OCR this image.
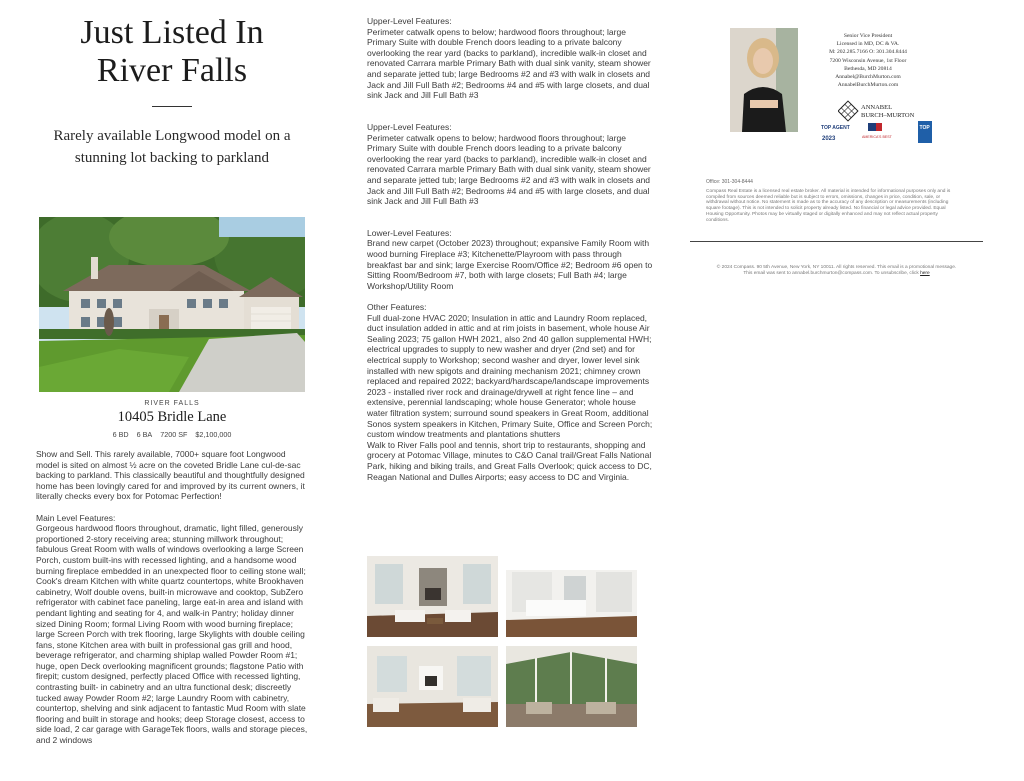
Just Listed In
River Falls

Rarely available Longwood model on a stunning lot backing to parkland

RIVER FALLS
10405 Bridle Lane
6 BD 6 BA 7200 SF $2,100,000

Show and Sell. This rarely available, 7000+ square foot Longwood model is sited on almost ½ acre on the coveted Bridle Lane cul-de-sac backing to parkland. This classically beautiful and thoughtfully designed home has been lovingly cared for and improved by its current owners, it literally checks every box for Potomac Perfection!

Main Level Features:

Gorgeous hardwood floors throughout, dramatic, light filled, generously proportioned 2-story receiving area; stunning millwork throughout; fabulous Great Room with walls of windows overlooking a large Screen Porch, custom built-ins with recessed lighting, and a handsome wood burning fireplace embedded in an unexpected floor to ceiling stone wall; Cook's dream Kitchen with white quartz countertops, white Brookhaven cabinetry, Wolf double ovens, built-in microwave and cooktop, SubZero refrigerator with cabinet face paneling, large eat-in area and island with pendant lighting and seating for 4, and walk-in Pantry; holiday dinner sized Dining Room; formal Living Room with wood burning fireplace; large Screen Porch with trek flooring, large Skylights with double ceiling fans, stone Kitchen area with built in professional gas grill and hood, beverage refrigerator, and charming shiplap walled Powder Room #1; huge, open Deck overlooking magnificent grounds; flagstone Patio with firepit; custom designed, perfectly placed Office with recessed lighting, contrasting built- in cabinetry and an ultra functional desk; discreetly tucked away Powder Room #2; large Laundry Room with cabinetry, countertop, shelving and sink adjacent to fantastic Mud Room with slate flooring and built in storage and hooks; deep Storage closest, access to side load, 2 car garage with GarageTek floors, walls and storage pieces, and 2 windows

Upper-Level Features:

Perimeter catwalk opens to below; hardwood floors throughout; large Primary Suite with double French doors leading to a private balcony overlooking the rear yard (backs to parkland), incredible walk-in closet and renovated Carrara marble Primary Bath with dual sink vanity, steam shower and separate jetted tub; large Bedrooms #2 and #3 with walk in closets and Jack and Jill Full Bath #2; Bedrooms #4 and #5 with large closets, and dual sink Jack and Jill Full Bath #3

Upper-Level Features:

Perimeter catwalk opens to below; hardwood floors throughout; large Primary Suite with double French doors leading to a private balcony overlooking the rear yard (backs to parkland), incredible walk-in closet and renovated Carrara marble Primary Bath with dual sink vanity, steam shower and separate jetted tub; large Bedrooms #2 and #3 with walk in closets and Jack and Jill Full Bath #2; Bedrooms #4 and #5 with large closets, and dual sink Jack and Jill Full Bath #3

Lower-Level Features:

Brand new carpet (October 2023) throughout; expansive Family Room with wood burning Fireplace #3; Kitchenette/Playroom with pass through breakfast bar and sink; large Exercise Room/Office #2; Bedroom #6 open to Sitting Room/Bedroom #7, both with large closets; Full Bath #4; large Workshop/Utility Room

Other Features:

Full dual-zone HVAC 2020; Insulation in attic and Laundry Room replaced, duct insulation added in attic and at rim joists in basement, whole house Air Sealing 2023; 75 gallon HWH 2021, also 2nd 40 gallon supplemental HWH; electrical upgrades to supply to new washer and dryer (2nd set) and for electrical supply to Workshop; second washer and dryer, lower level sink installed with new spigots and draining mechanism 2021; chimney crown replaced and repaired 2022; backyard/hardscape/landscape improvements 2023 - installed river rock and drainage/drywell at right fence line – and extensive, perennial landscaping; whole house Generator; whole house water filtration system; surround sound speakers in Great Room, additional Sonos system speakers in Kitchen, Primary Suite, Office and Screen Porch; custom window treatments and plantations shutters

Walk to River Falls pool and tennis, short trip to restaurants, shopping and grocery at Potomac Village, minutes to C&O Canal trail/Great Falls National Park, hiking and biking trails, and Great Falls Overlook; quick access to DC, Reagan National and Dulles Airports; easy access to DC and Virginia.

Senior Vice President
Licensed in MD, DC & VA.
M: 202.285.7166 O: 301.304.8444
7200 Wisconsin Avenue, 1st Floor
Bethesda, MD 20814
Annabel@BurchMurton.com
AnnabelBurchMurton.com
ANNABEL
BURCH–MURTON
TOP AGENT
2023	AMERICA'S BEST
TOP
Office: 301-304-8444
Compass Real Estate is a licensed real estate broker. All material is intended for informational purposes only and is compiled from sources deemed reliable but is subject to errors, omissions, changes in price, condition, sale, or withdrawal without notice. No statement is made as to the accuracy of any description or measurements (including square footage). This is not intended to solicit property already listed. No financial or legal advice provided. Equal Housing Opportunity. Photos may be virtually staged or digitally enhanced and may not reflect actual property conditions.
© 2024 Compass. 90 5th Avenue, New York, NY 10011. All rights reserved. This email is a promotional message.
This email was sent to annabel.burchmurton@compass.com. To unsubscribe, click here
